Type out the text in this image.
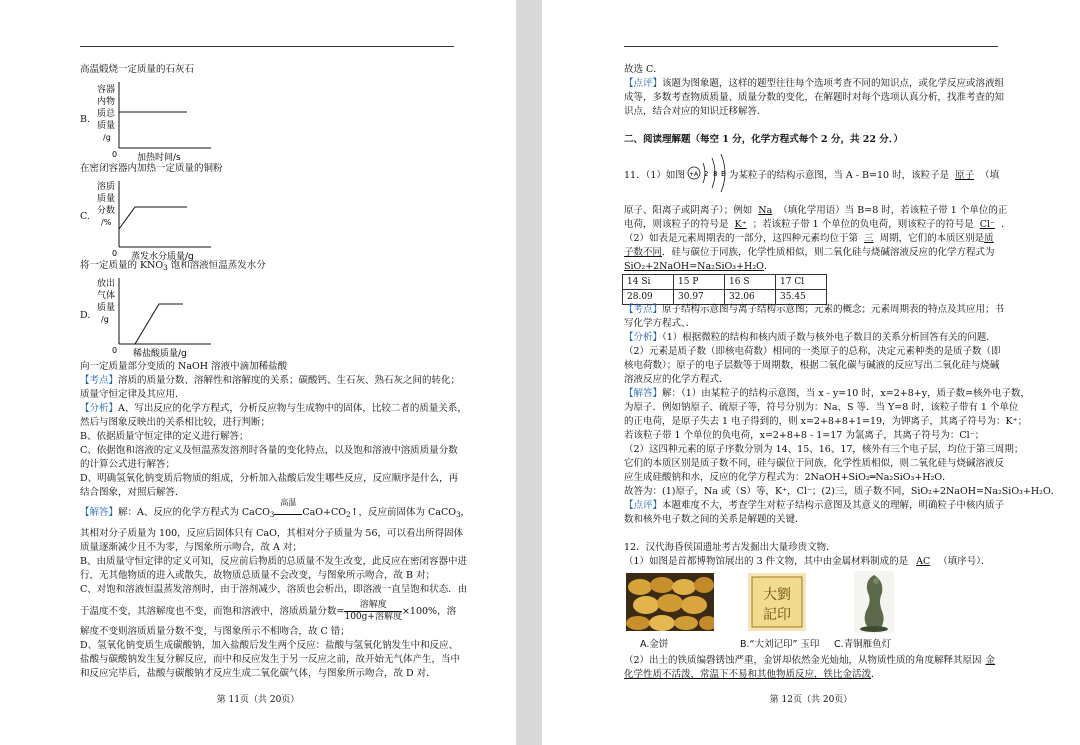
高温煅烧一定质量的石灰石
B.
容器
内物
质总
质量
/g
0 加热时间/s
在密闭容器内加热一定质量的铜粉
C.
溶质
质量
分数
/%
0 蒸发水分质量/g
将一定质量的 $KNO_3$ 饱和溶液恒温蒸发水分
D.
放出
气体
质量
/g
0 稀盐酸质量/g
向一定质量部分变质的 NaOH 溶液中滴加稀盐酸
【考点】溶质的质量分数、溶解性和溶解度的关系；碳酸钙、生石灰、熟石灰之间的转化；
质量守恒定律及其应用．
【分析】A、写出反应的化学方程式，分析反应物与生成物中的固体，比较二者的质量关系，
然后与图象反映出的关系相比较，进行判断；
B、依据质量守恒定律的定义进行解答；
C、依据饱和溶液的定义及恒温蒸发溶剂时各量的变化特点，以及饱和溶液中溶质质量分数
的计算公式进行解答；
D、明确氢氧化钠变质后物质的组成，分析加入盐酸后发生哪些反应，反应顺序是什么，再
结合图象，对照后解答．
【解答】解：A、反应的化学方程式为 CaCO$_3$
高温
$CaO+CO_2↑$，反应前固体为 CaCO$_3$，
其相对分子质量为 100，反应后固体只有 CaO，其相对分子质量为 56，可以看出所得固体
质量逐渐减少且不为零，与图象所示吻合，故 A 对；
B、由质量守恒定律的定义可知，反应前后物质的总质量不发生改变，此反应在密闭容器中进
行，无其他物质的进入或散失，故物质总质量不会改变，与图象所示吻合，故 B 对；
C、对饱和溶液恒温蒸发溶剂时，由于溶剂减少，溶质也会析出，即溶液一直呈饱和状态．由
于温度不变，其溶解度也不变，而饱和溶液中，溶质质量分数= $\frac{\text{溶解度}}{\text{100g+溶解度}}\times 100\%$，溶
解度不变则溶质质量分数不变，与图象所示不相吻合，故 C 错；
D、氢氧化钠变质生成碳酸钠，加入盐酸后发生两个反应：盐酸与氢氧化钠发生中和反应、
盐酸与碳酸钠发生复分解反应，而中和反应发生于另一反应之前，故开始无气体产生，当中
和反应完毕后，盐酸与碳酸钠才反应生成二氧化碳气体，与图象所示吻合，故 D 对．
第 11页（共 20页）
故选 C．
【点评】该题为图象题，这样的题型往往每个选项考查不同的知识点，或化学反应或溶液组
成等，多数考查物质质量、质量分数的变化，在解题时对每个选项认真分析，找准考查的知
识点，结合对应的知识迁移解答．
二、阅读理解题（每空 1 分，化学方程式每个 2 分，共 22 分．）
11．（1）如图 +A 2 8 B 为某粒子的结构示意图，当 A - B=10 时，该粒子是 原子 （填
原子、阳离子或阴离子）；例如 Na （填化学用语）当 B=8 时，若该粒子带 1 个单位的正
电荷，则该粒子的符号是 K⁺ ；若该粒子带 1 个单位的负电荷，则该粒子的符号是 Cl⁻ ．
（2）如表是元素周期表的一部分，这四种元素均位于第 三 周期，它们的本质区别是质
子数不同．硅与碳位于同族，化学性质相似，则二氧化硅与烧碱溶液反应的化学方程式为
SiO₂+2NaOH=Na₂SiO₃+H₂O．
14 Si	15 P	16 S	17 Cl
28.09	30.97	32.06	35.45
【考点】原子结构示意图与离子结构示意图；元素的概念；元素周期表的特点及其应用；书
写化学方程式、．
【分析】（1）根据微粒的结构和核内质子数与核外电子数目的关系分析回答有关的问题．
（2）元素是质子数（即核电荷数）相同的一类原子的总称，决定元素种类的是质子数（即
核电荷数）；原子的电子层数等于周期数，根据二氧化碳与碱液的反应写出二氧化硅与烧碱
溶液反应的化学方程式．
【解答】解：（1）由某粒子的结构示意图，当 x - y=10 时，x=2+8+y，质子数=核外电子数，
为原子．例如钠原子、硫原子等，符号分别为：Na、S 等．当 Y=8 时，该粒子带有 1 个单位
的正电荷，是原子失去 1 电子得到的，则 x=2+8+8+1=19，为钾离子，其离子符号为：K⁺；
若该粒子带 1 个单位的负电荷，x=2+8+8 - 1=17 为氯离子，其离子符号为：Cl⁻；
（2）这四种元素的原子序数分别为 14、15、16、17，核外有三个电子层，均位于第三周期；
它们的本质区别是质子数不同，硅与碳位于同族，化学性质相似，则二氧化硅与烧碱溶液反
应生成硅酸钠和水，反应的化学方程式为：2NaOH+SiO₂═Na₂SiO₃+H₂O．
故答为：(1)原子，Na 或（S）等，K⁺，Cl⁻；(2)三，质子数不同，SiO₂+2NaOH=Na₂SiO₃+H₂O．
【点评】本题难度不大，考查学生对粒子结构示意图及其意义的理解，明确粒子中核内质子
数和核外电子数之间的关系是解题的关键．
12．汉代海昏侯国遗址考古发掘出大量珍贵文物．
（1）如图是首都博物馆展出的 3 件文物，其中由金属材料制成的是 AC （填序号）．
A.金饼
大劉
記印
B.“大刘记印” 玉印 C.青铜雁鱼灯
（2）出土的铁质编磬锈蚀严重，金饼却依然金光灿灿，从物质性质的角度解释其原因 金
化学性质不活泼，常温下不易和其他物质反应，铁比金活泼．
第 12页（共 20页）
